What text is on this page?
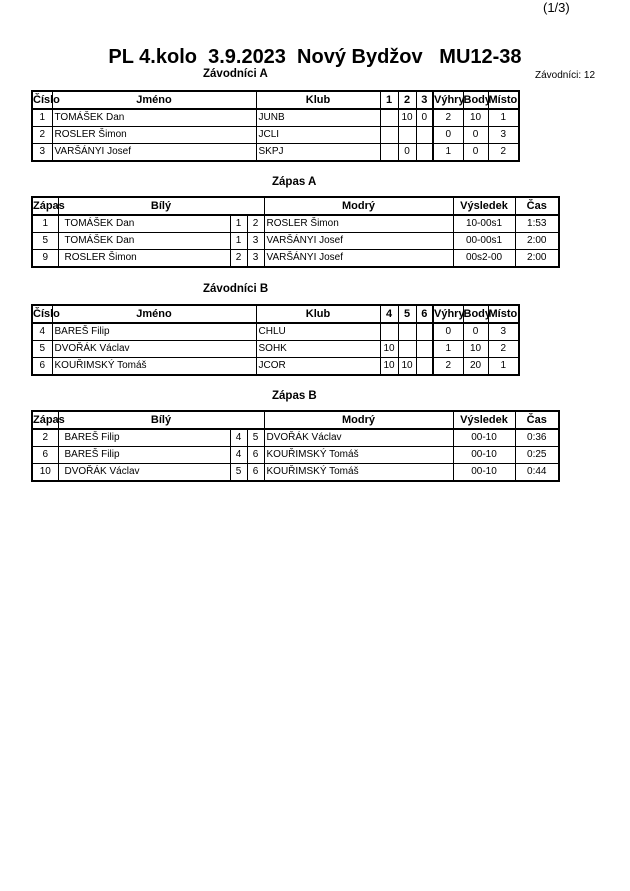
(1/3)
PL 4.kolo  3.9.2023  Nový Bydžov   MU12-38
Závodníci: 12
Závodníci A
Číslo	Jméno	Klub	1	2	3	Výhry	Body	Místo.
1	TOMÁŠEK Dan	JUNB		10	0	2	10	1
2	ROSLER Šimon	JCLI				0	0	3
3	VARŠÁNYI Josef	SKPJ		0		1	0	2
Zápas A
Zápas	Bílý			Modrý	Výsledek	Čas
1	TOMÁŠEK Dan	1	2	ROSLER Šimon	10-00s1	1:53
5	TOMÁŠEK Dan	1	3	VARŠÁNYI Josef	00-00s1	2:00
9	ROSLER Šimon	2	3	VARŠÁNYI Josef	00s2-00	2:00
Závodníci B
Číslo	Jméno	Klub	4	5	6	Výhry	Body	Místo.
4	BAREŠ Filip	CHLU				0	0	3
5	DVOŘÁK Václav	SOHK	10			1	10	2
6	KOUŘIMSKÝ Tomáš	JCOR	10	10		2	20	1
Zápas B
Zápas	Bílý			Modrý	Výsledek	Čas
2	BAREŠ Filip	4	5	DVOŘÁK Václav	00-10	0:36
6	BAREŠ Filip	4	6	KOUŘIMSKÝ Tomáš	00-10	0:25
10	DVOŘÁK Václav	5	6	KOUŘIMSKÝ Tomáš	00-10	0:44
